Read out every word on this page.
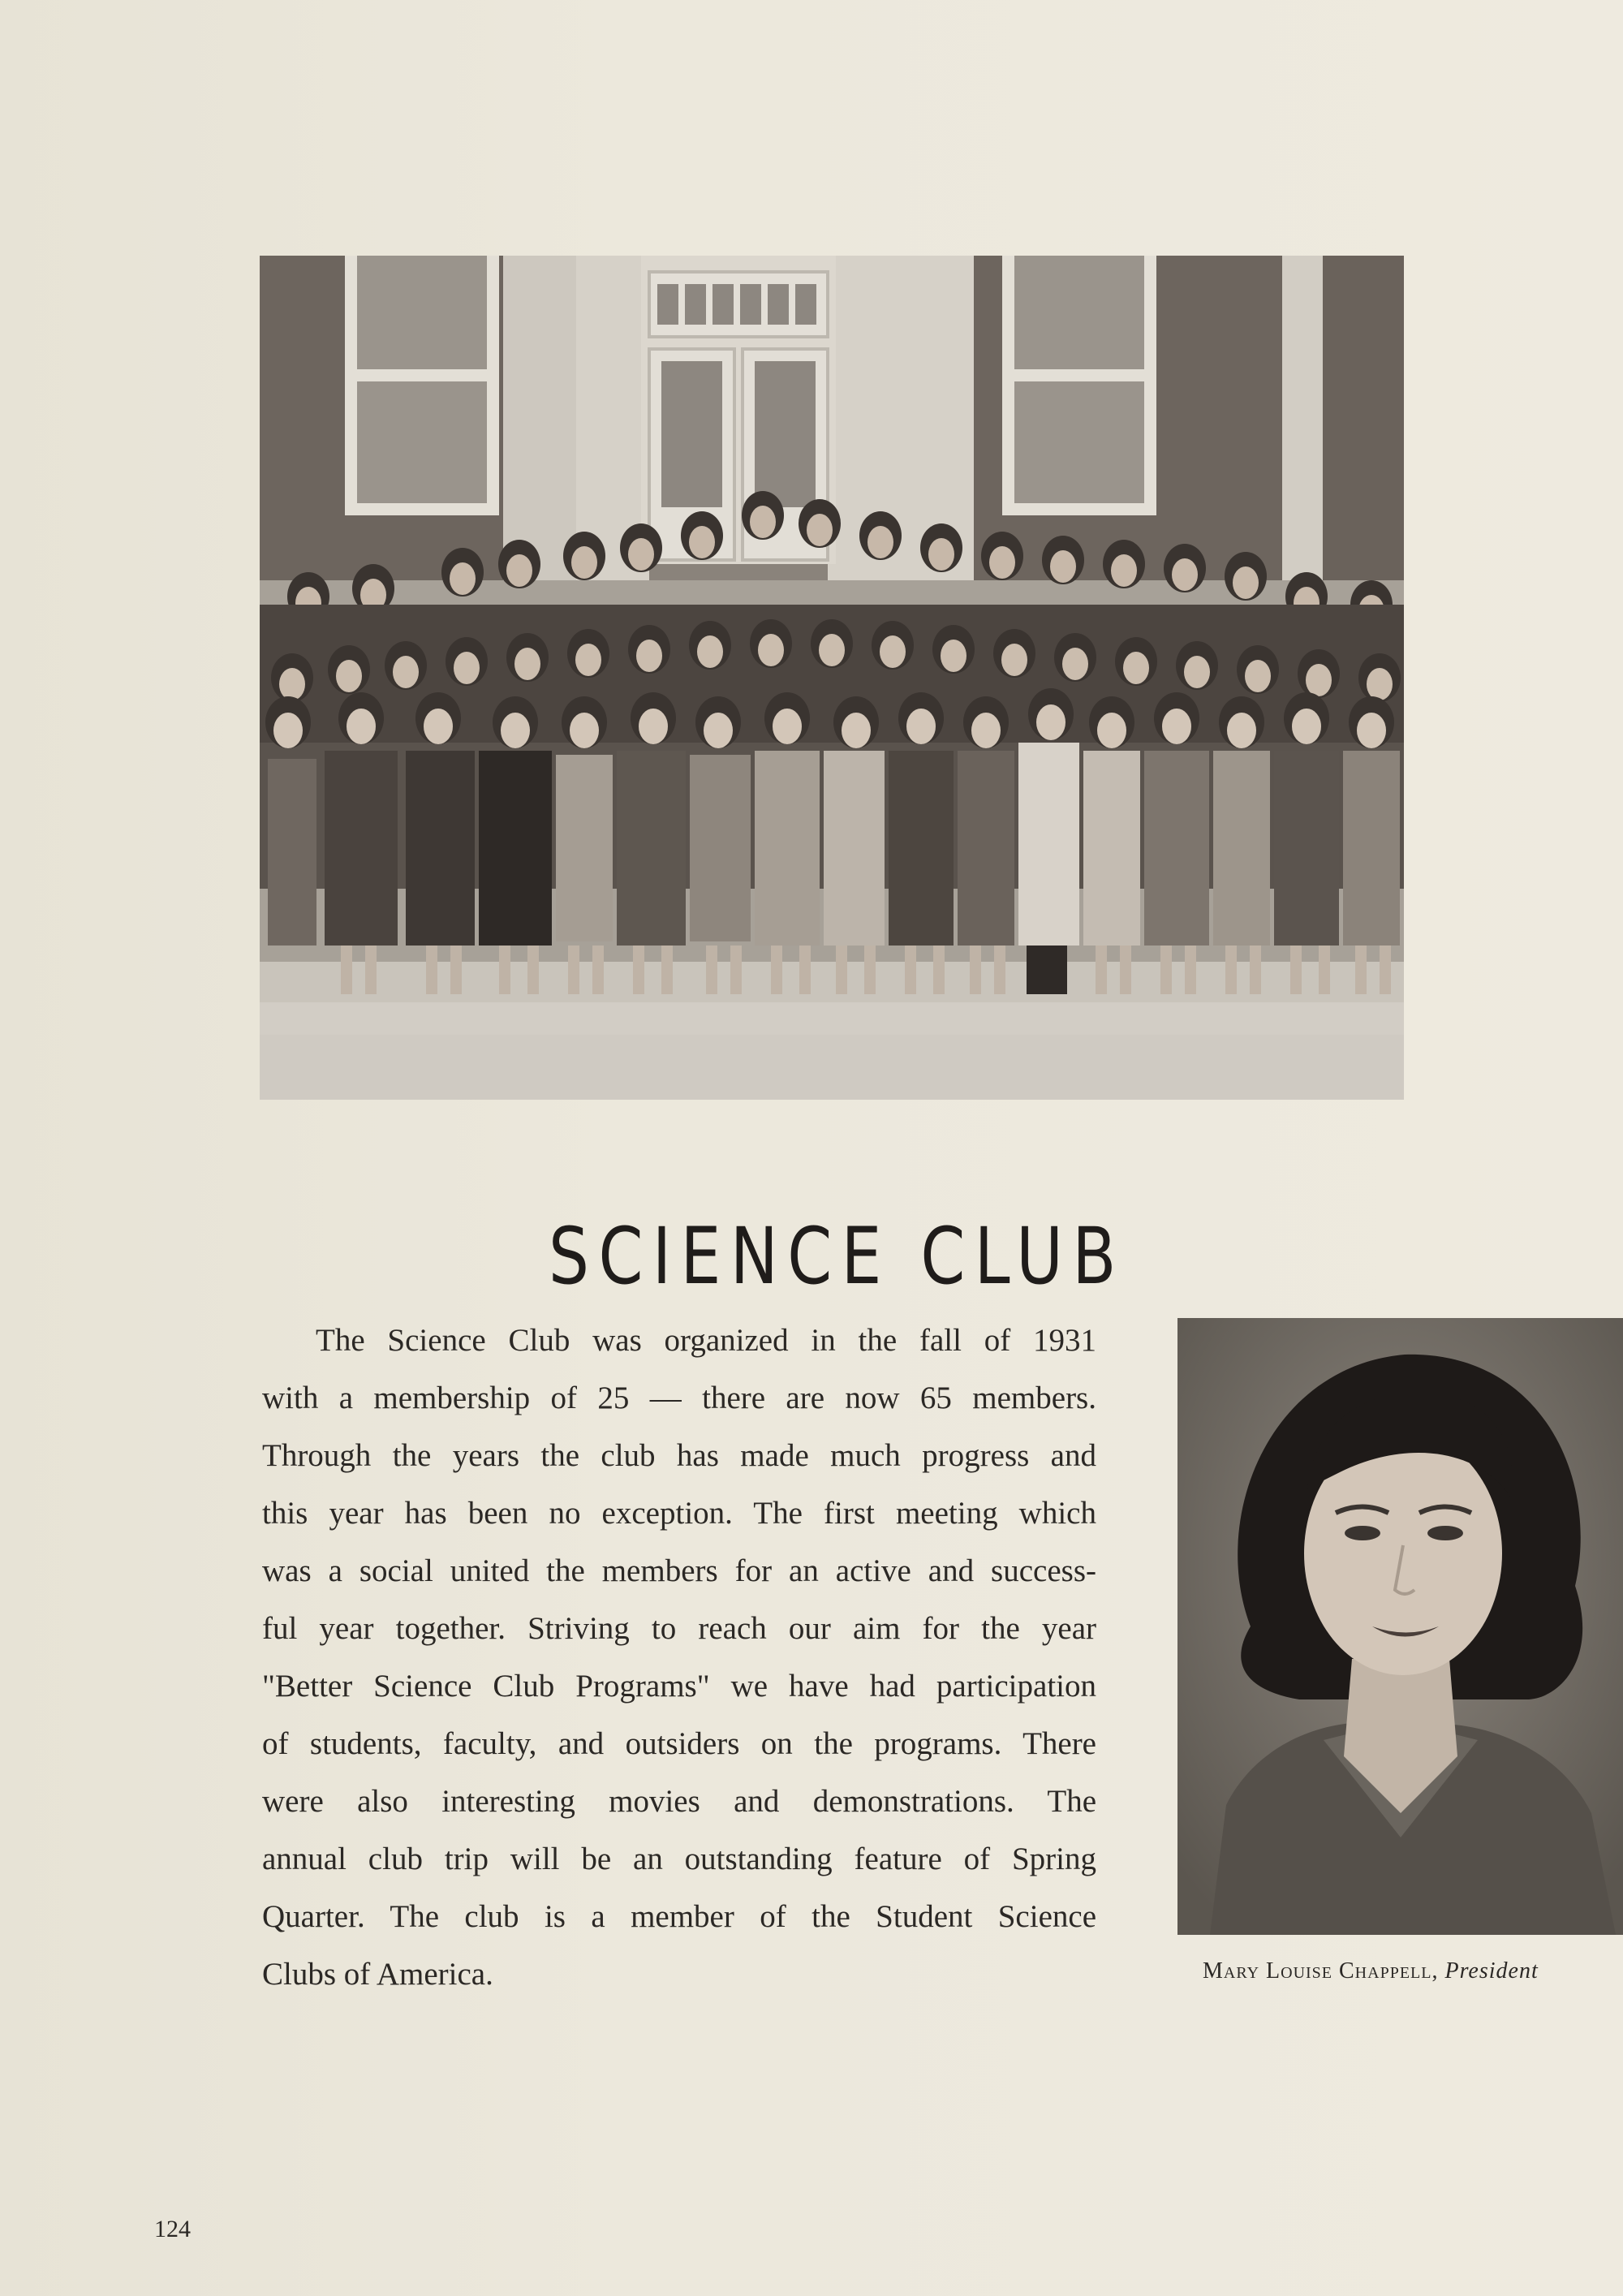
SCIENCE CLUB
The Science Club was organized in the fall of 1931
with a membership of 25 — there are now 65 members.
Through the years the club has made much progress and
this year has been no exception. The first meeting which
was a social united the members for an active and success-
ful year together. Striving to reach our aim for the year
"Better Science Club Programs" we have had participation
of students, faculty, and outsiders on the programs. There
were also interesting movies and demonstrations. The
annual club trip will be an outstanding feature of Spring
Quarter. The club is a member of the Student Science
Clubs of America.	Mary Louise Chappell, President
124
